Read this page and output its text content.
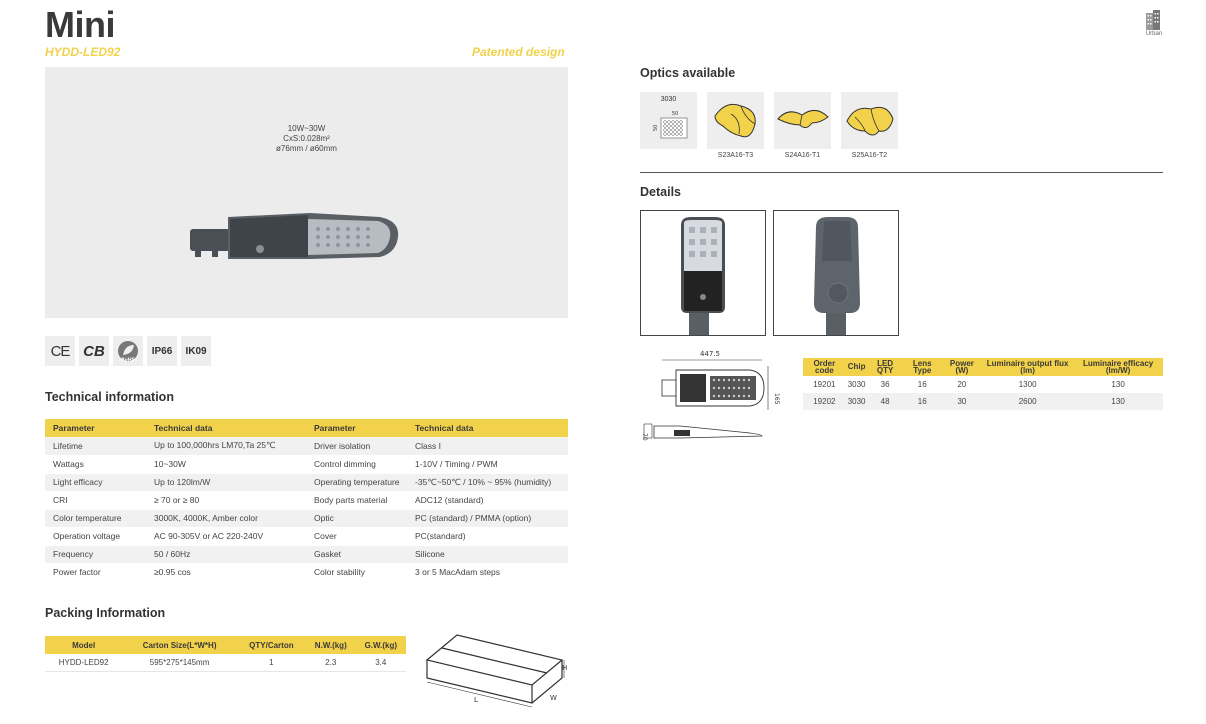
Mini
HYDD-LED92	Patented design
Urban
10W~30W
CxS:0.028m²
ø76mm / ø60mm
CE CB
RoHS
IP66	IK09
Technical information
Parameter	Technical data	Parameter	Technical data
Lifetime	Up to 100,000hrs LM70,Ta 25℃	Driver isolation	Class I
Wattags	10~30W	Control dimming	1-10V / Timing / PWM
Light efficacy	Up to 120lm/W	Operating temperature	-35℃~50℃ / 10% ~ 95% (humidity)
CRI	≥ 70 or ≥ 80	Body parts material	ADC12 (standard)
Color temperature	3000K, 4000K, Amber color	Optic	PC (standard) / PMMA (option)
Operation voltage	AC 90-305V or AC 220-240V	Cover	PC(standard)
Frequency	50 / 60Hz	Gasket	Silicone
Power factor	≥0.95 cos	Color stability	3 or 5 MacAdam steps
Packing Information
Model	Carton Size(L*W*H)	QTY/Carton	N.W.(kg)	G.W.(kg)
HYDD-LED92	595*275*145mm	1	2.3	3.4
H
W
L
Optics available
3030
50
50
S23A16-T3	S24A16-T1	S25A16-T2
Details
447.5
165
70
Order code	Chip	LED QTY	Lens Type	Power (W)	Luminaire output flux (lm)	Luminaire efficacy (lm/W)
19201	3030	36	16	20	1300	130
19202	3030	48	16	30	2600	130
